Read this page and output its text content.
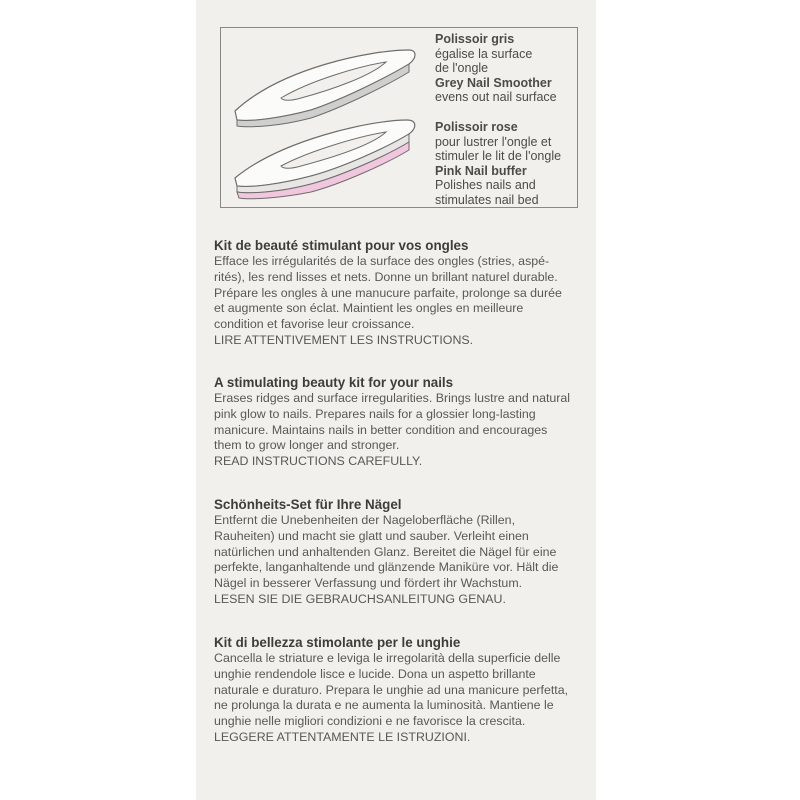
Polissoir gris
égalise la surface
de l'ongle
Grey Nail Smoother
evens out nail surface
Polissoir rose
pour lustrer l'ongle et
stimuler le lit de l'ongle
Pink Nail buffer
Polishes nails and
stimulates nail bed
Kit de beauté stimulant pour vos ongles

Efface les irrégularités de la surface des ongles (stries, aspé-
rités), les rend lisses et nets. Donne un brillant naturel durable.
Prépare les ongles à une manucure parfaite, prolonge sa durée
et augmente son éclat. Maintient les ongles en meilleure
condition et favorise leur croissance.
LIRE ATTENTIVEMENT LES INSTRUCTIONS.

A stimulating beauty kit for your nails

Erases ridges and surface irregularities. Brings lustre and natural
pink glow to nails. Prepares nails for a glossier long-lasting
manicure. Maintains nails in better condition and encourages
them to grow longer and stronger.
READ INSTRUCTIONS CAREFULLY.

Schönheits-Set für Ihre Nägel

Entfernt die Unebenheiten der Nageloberfläche (Rillen,
Rauheiten) und macht sie glatt und sauber. Verleiht einen
natürlichen und anhaltenden Glanz. Bereitet die Nägel für eine
perfekte, langanhaltende und glänzende Maniküre vor. Hält die
Nägel in besserer Verfassung und fördert ihr Wachstum.
LESEN SIE DIE GEBRAUCHSANLEITUNG GENAU.

Kit di bellezza stimolante per le unghie

Cancella le striature e leviga le irregolarità della superficie delle
unghie rendendole lisce e lucide. Dona un aspetto brillante
naturale e duraturo. Prepara le unghie ad una manicure perfetta,
ne prolunga la durata e ne aumenta la luminosità. Mantiene le
unghie nelle migliori condizioni e ne favorisce la crescita.
LEGGERE ATTENTAMENTE LE ISTRUZIONI.
